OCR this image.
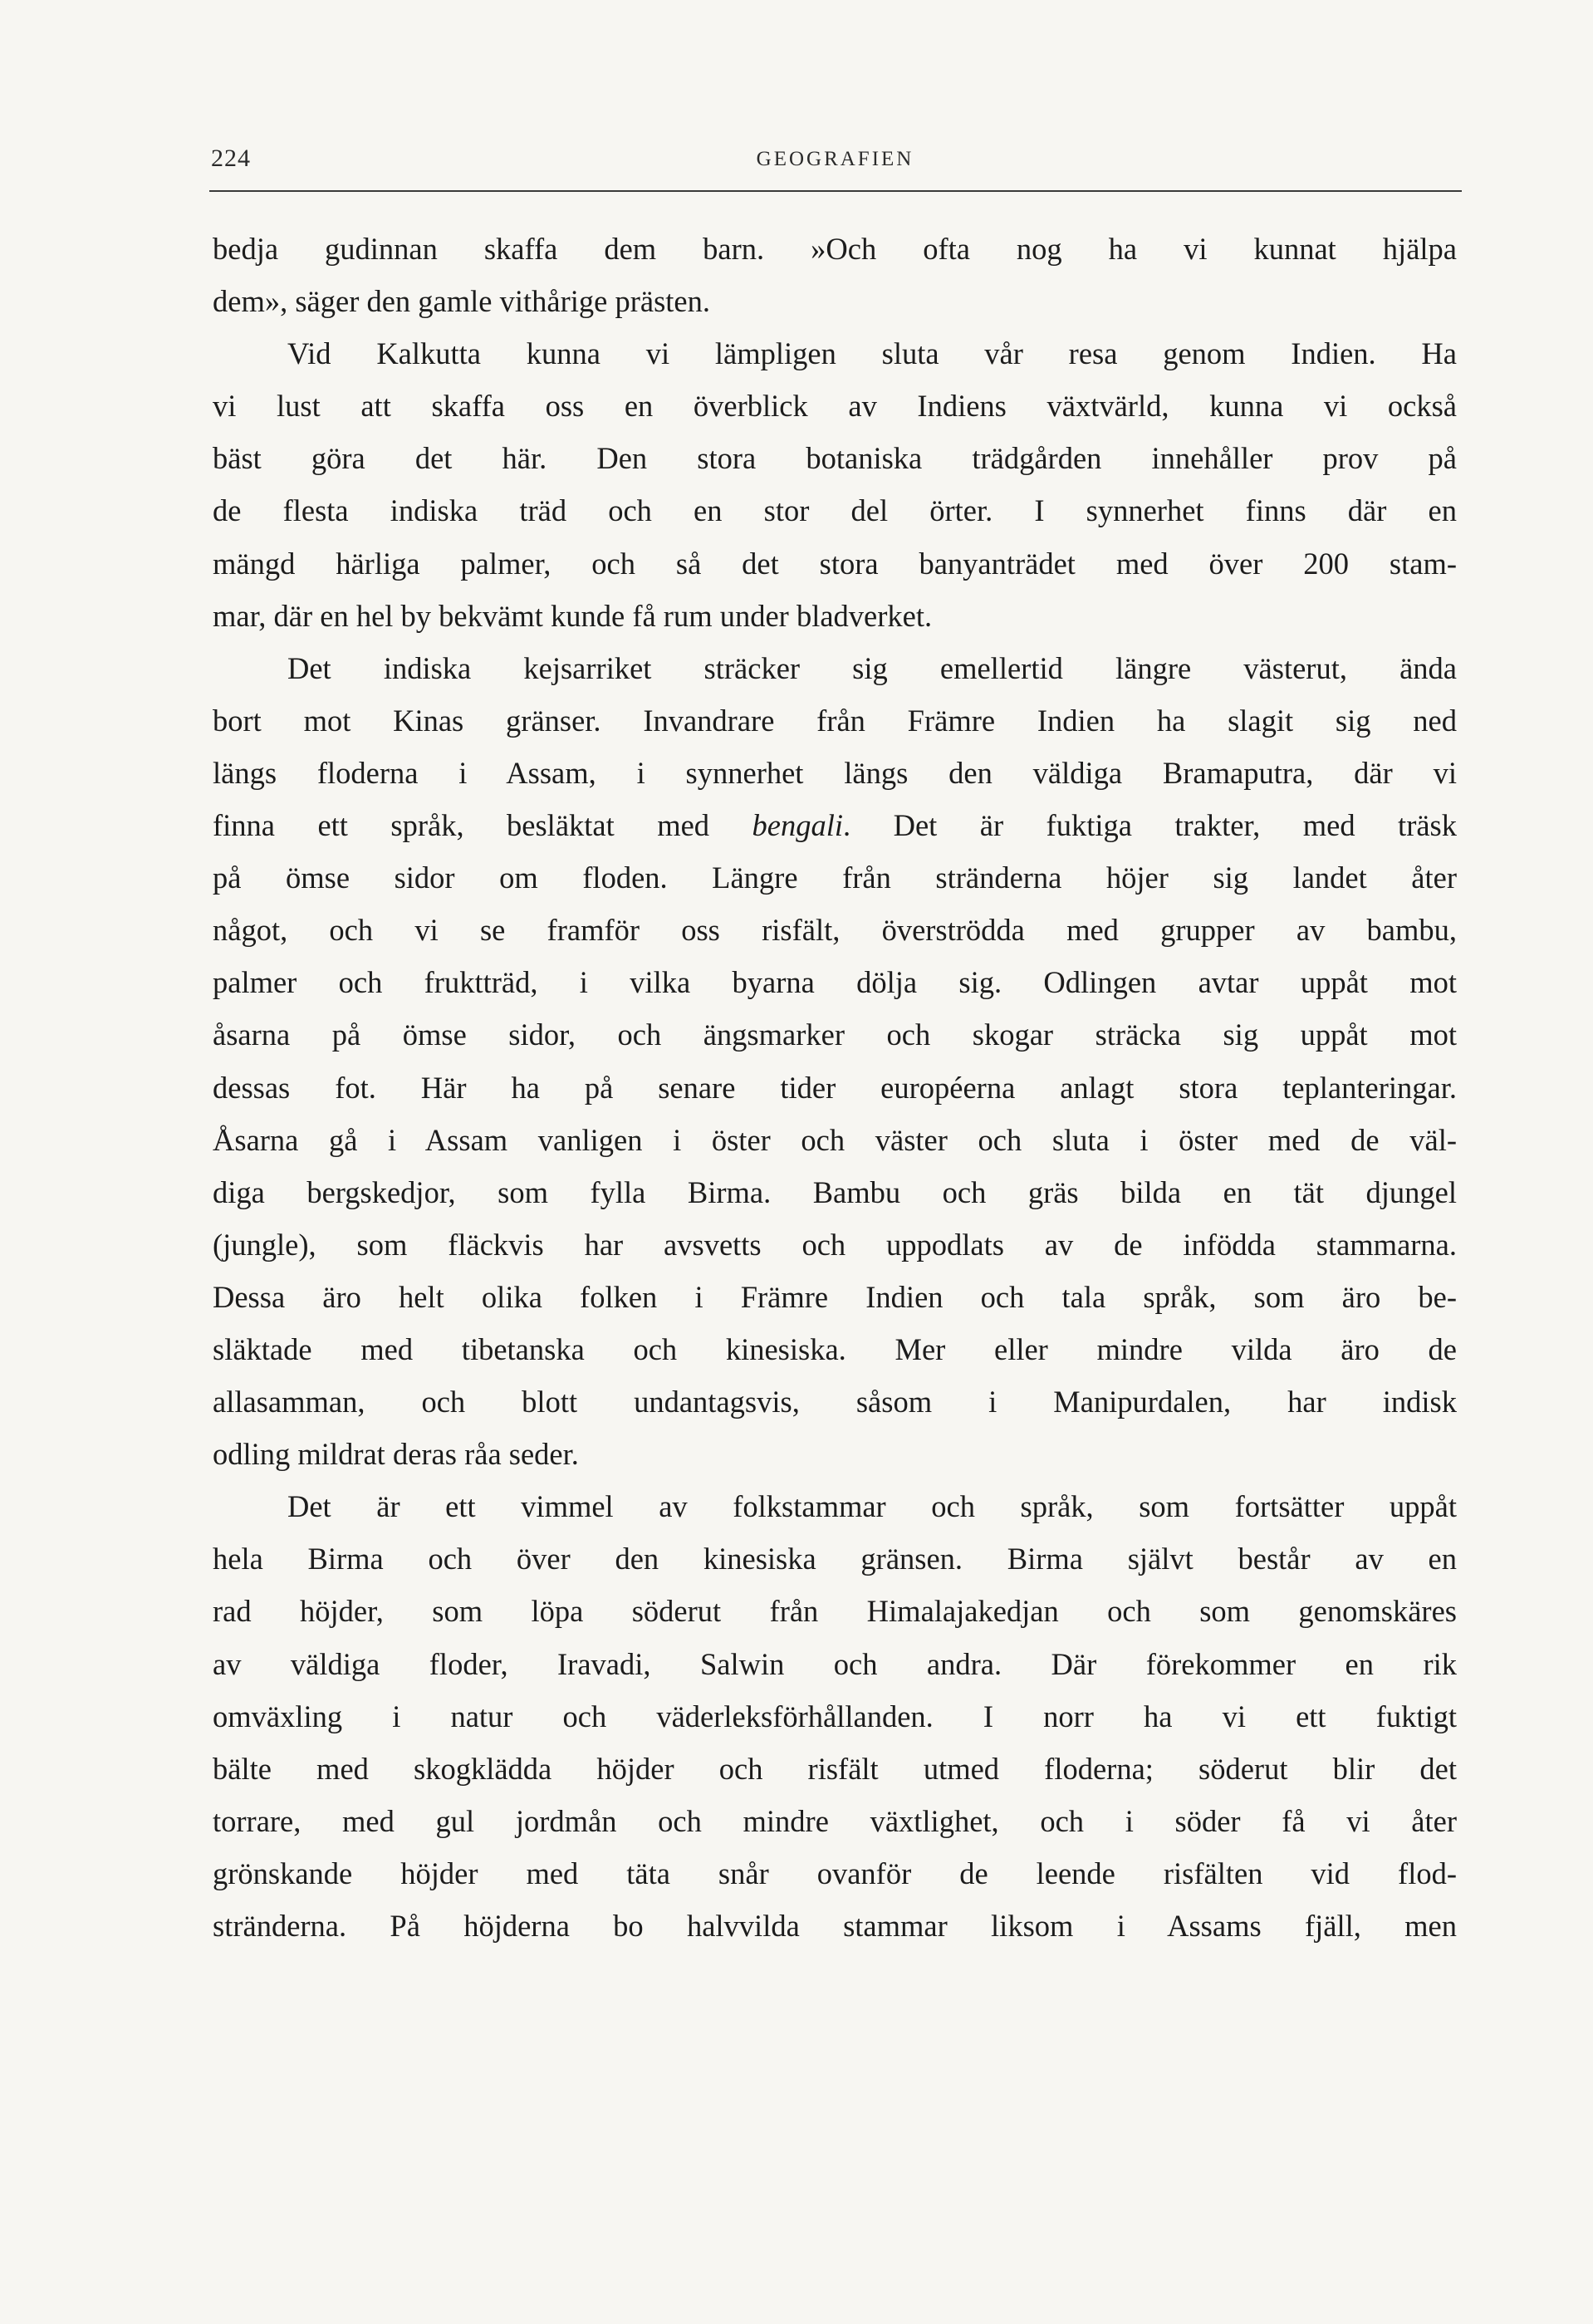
224	GEOGRAFIEN
bedja gudinnan skaffa dem barn. »Och ofta nog ha vi kunnat hjälpa
dem», säger den gamle vithårige prästen.
Vid Kalkutta kunna vi lämpligen sluta vår resa genom Indien. Ha
vi lust att skaffa oss en överblick av Indiens växtvärld, kunna vi också
bäst göra det här. Den stora botaniska trädgården innehåller prov på
de flesta indiska träd och en stor del örter. I synnerhet finns där en
mängd härliga palmer, och så det stora banyanträdet med över 200 stam-
mar, där en hel by bekvämt kunde få rum under bladverket.
Det indiska kejsarriket sträcker sig emellertid längre västerut, ända
bort mot Kinas gränser. Invandrare från Främre Indien ha slagit sig ned
längs floderna i Assam, i synnerhet längs den väldiga Bramaputra, där vi
finna ett språk, besläktat med bengali. Det är fuktiga trakter, med träsk
på ömse sidor om floden. Längre från stränderna höjer sig landet åter
något, och vi se framför oss risfält, överströdda med grupper av bambu,
palmer och fruktträd, i vilka byarna dölja sig. Odlingen avtar uppåt mot
åsarna på ömse sidor, och ängsmarker och skogar sträcka sig uppåt mot
dessas fot. Här ha på senare tider européerna anlagt stora teplanteringar.
Åsarna gå i Assam vanligen i öster och väster och sluta i öster med de väl-
diga bergskedjor, som fylla Birma. Bambu och gräs bilda en tät djungel
(jungle), som fläckvis har avsvetts och uppodlats av de infödda stammarna.
Dessa äro helt olika folken i Främre Indien och tala språk, som äro be-
släktade med tibetanska och kinesiska. Mer eller mindre vilda äro de
allasamman, och blott undantagsvis, såsom i Manipurdalen, har indisk
odling mildrat deras råa seder.
Det är ett vimmel av folkstammar och språk, som fortsätter uppåt
hela Birma och över den kinesiska gränsen. Birma självt består av en
rad höjder, som löpa söderut från Himalajakedjan och som genomskäres
av väldiga floder, Iravadi, Salwin och andra. Där förekommer en rik
omväxling i natur och väderleksförhållanden. I norr ha vi ett fuktigt
bälte med skogklädda höjder och risfält utmed floderna; söderut blir det
torrare, med gul jordmån och mindre växtlighet, och i söder få vi åter
grönskande höjder med täta snår ovanför de leende risfälten vid flod-
stränderna. På höjderna bo halvvilda stammar liksom i Assams fjäll, men
